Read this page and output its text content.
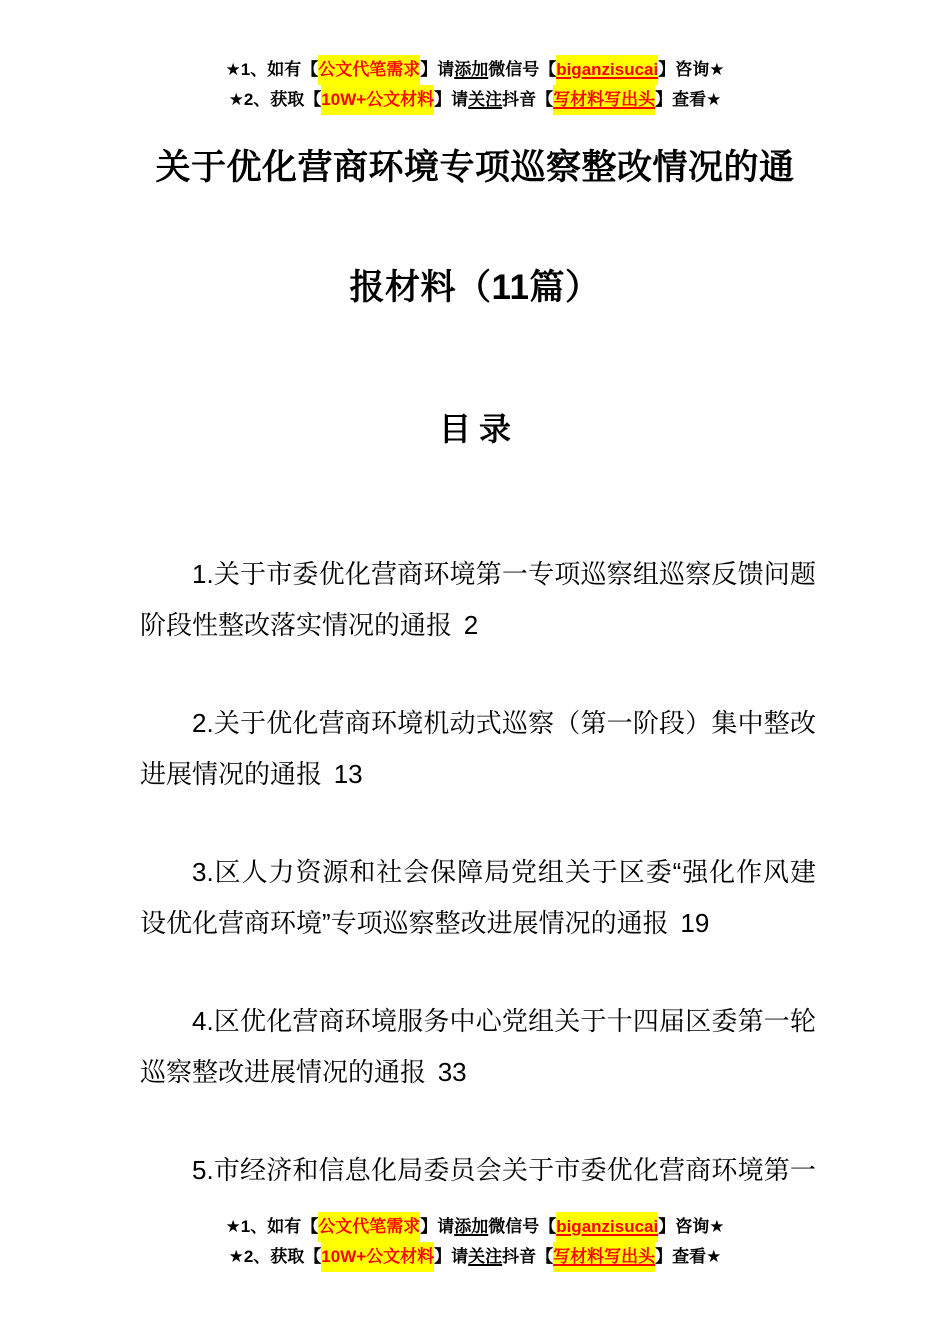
★1、如有【 公文代笔需求 】请 添加 微信号【 biganzisucai 】咨询★
★2、获取【 10W+公文材料 】请 关注 抖音【 写材料写出头 】查看★
关于优化营商环境专项巡察整改情况的通
报材料（11篇）
目录

1.关于市委优化营商环境第一专项巡察组巡察反馈问题阶段性整改落实情况的通报 2

2.关于优化营商环境机动式巡察（第一阶段）集中整改进展情况的通报 13

3.区人力资源和社会保障局党组关于区委“强化作风建设优化营商环境”专项巡察整改进展情况的通报 19

4.区优化营商环境服务中心党组关于十四届区委第一轮巡察整改进展情况的通报 33

5.市经济和信息化局委员会关于市委优化营商环境第一

★1、如有【 公文代笔需求 】请 添加 微信号【 biganzisucai 】咨询★
★2、获取【 10W+公文材料 】请 关注 抖音【 写材料写出头 】查看★
